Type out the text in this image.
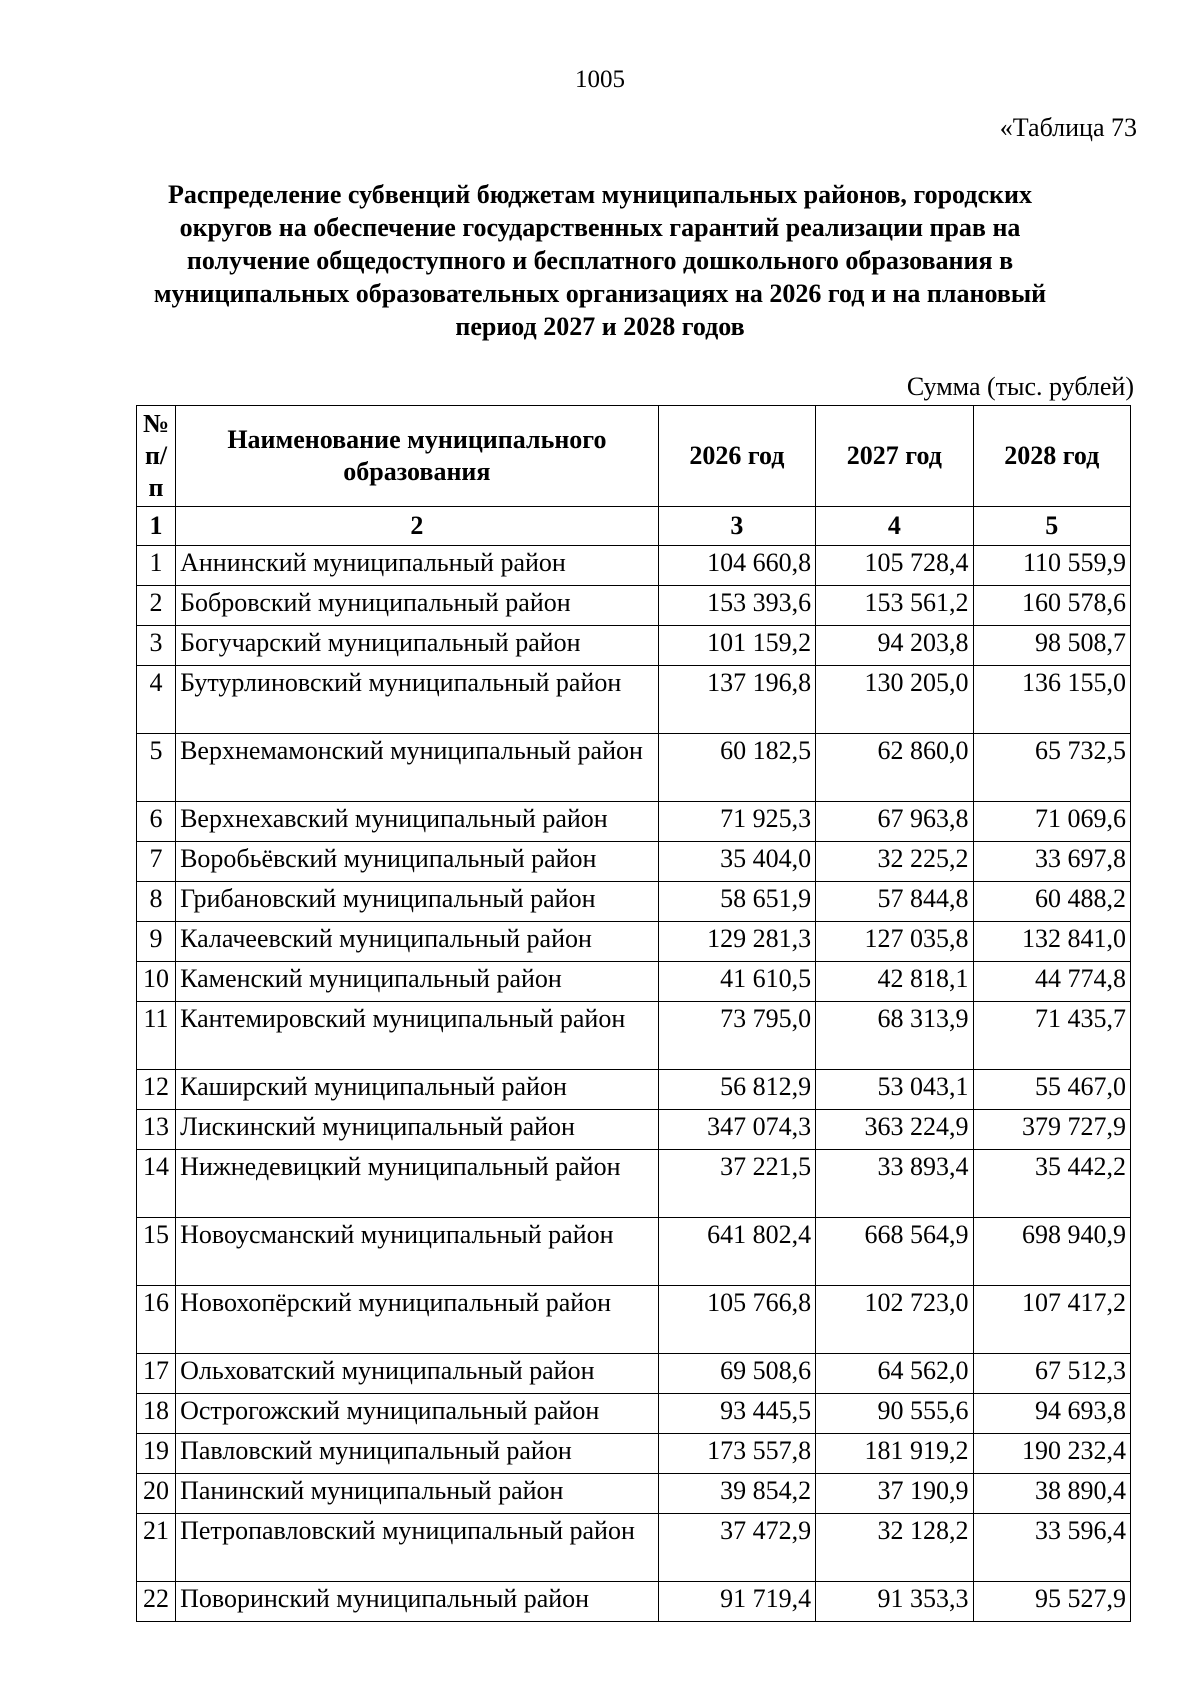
1005
«Таблица 73
Распределение субвенций бюджетам муниципальных районов, городских округов на обеспечение государственных гарантий реализации прав на получение общедоступного и бесплатного дошкольного образования в муниципальных образовательных организациях на 2026 год и на плановый период 2027 и 2028 годов
Сумма (тыс. рублей)
№ п/п	Наименование муниципального образования	2026 год	2027 год	2028 год
1	2	3	4	5
1	Аннинский муниципальный район	104 660,8	105 728,4	110 559,9
2	Бобровский муниципальный район	153 393,6	153 561,2	160 578,6
3	Богучарский муниципальный район	101 159,2	94 203,8	98 508,7
4	Бутурлиновский муниципальный район	137 196,8	130 205,0	136 155,0
5	Верхнемамонский муниципальный район	60 182,5	62 860,0	65 732,5
6	Верхнехавский муниципальный район	71 925,3	67 963,8	71 069,6
7	Воробьёвский муниципальный район	35 404,0	32 225,2	33 697,8
8	Грибановский муниципальный район	58 651,9	57 844,8	60 488,2
9	Калачеевский муниципальный район	129 281,3	127 035,8	132 841,0
10	Каменский муниципальный район	41 610,5	42 818,1	44 774,8
11	Кантемировский муниципальный район	73 795,0	68 313,9	71 435,7
12	Каширский муниципальный район	56 812,9	53 043,1	55 467,0
13	Лискинский муниципальный район	347 074,3	363 224,9	379 727,9
14	Нижнедевицкий муниципальный район	37 221,5	33 893,4	35 442,2
15	Новоусманский муниципальный район	641 802,4	668 564,9	698 940,9
16	Новохопёрский муниципальный район	105 766,8	102 723,0	107 417,2
17	Ольховатский муниципальный район	69 508,6	64 562,0	67 512,3
18	Острогожский муниципальный район	93 445,5	90 555,6	94 693,8
19	Павловский муниципальный район	173 557,8	181 919,2	190 232,4
20	Панинский муниципальный район	39 854,2	37 190,9	38 890,4
21	Петропавловский муниципальный район	37 472,9	32 128,2	33 596,4
22	Поворинский муниципальный район	91 719,4	91 353,3	95 527,9
